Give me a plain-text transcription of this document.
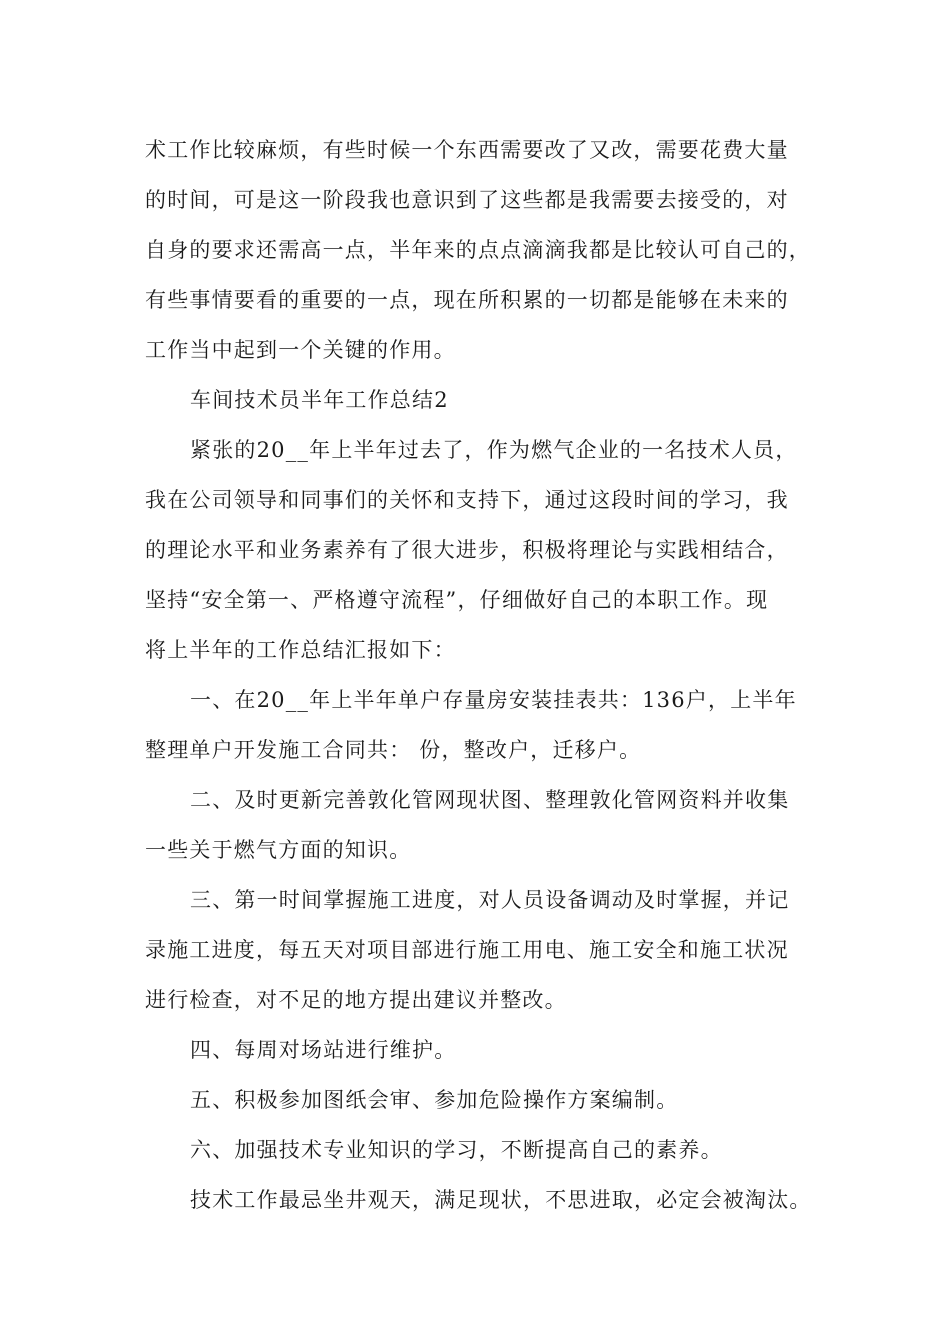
术工作比较麻烦，有些时候一个东西需要改了又改，需要花费大量
的时间，可是这一阶段我也意识到了这些都是我需要去接受的，对
自身的要求还需高一点，半年来的点点滴滴我都是比较认可自己的，
有些事情要看的重要的一点，现在所积累的一切都是能够在未来的
工作当中起到一个关键的作用。
车间技术员半年工作总结2
紧张的20__年上半年过去了，作为燃气企业的一名技术人员，
我在公司领导和同事们的关怀和支持下，通过这段时间的学习，我
的理论水平和业务素养有了很大进步，积极将理论与实践相结合，
坚持“安全第一、严格遵守流程”，仔细做好自己的本职工作。现
将上半年的工作总结汇报如下：
一、在20__年上半年单户存量房安装挂表共：136户，上半年
整理单户开发施工合同共： 份，整改户，迁移户。
二、及时更新完善敦化管网现状图、整理敦化管网资料并收集
一些关于燃气方面的知识。
三、第一时间掌握施工进度，对人员设备调动及时掌握，并记
录施工进度，每五天对项目部进行施工用电、施工安全和施工状况
进行检查，对不足的地方提出建议并整改。
四、每周对场站进行维护。
五、积极参加图纸会审、参加危险操作方案编制。
六、加强技术专业知识的学习，不断提高自己的素养。
技术工作最忌坐井观天，满足现状，不思进取，必定会被淘汰。
